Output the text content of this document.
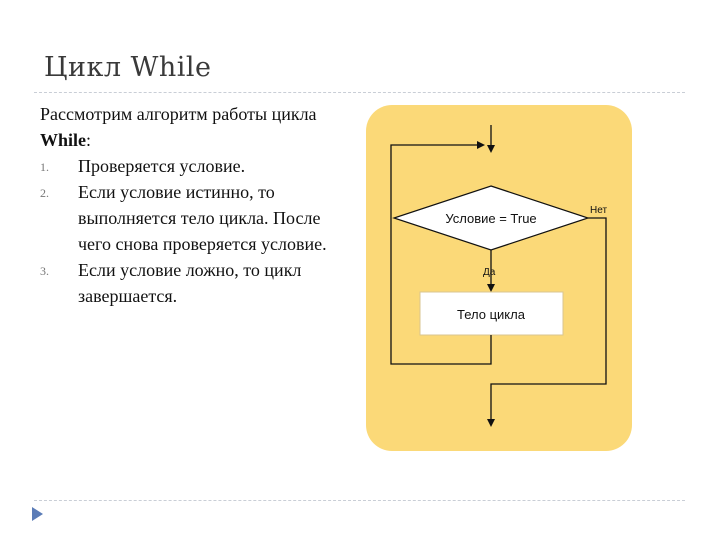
Цикл While
Рассмотрим алгоритм работы цикла While:
1. Проверяется условие.
2. Если условие истинно, то выполняется тело цикла. После чего снова проверяется условие.
3. Если условие ложно, то цикл завершается.
Условие = True
Да
Тело цикла
Нет
